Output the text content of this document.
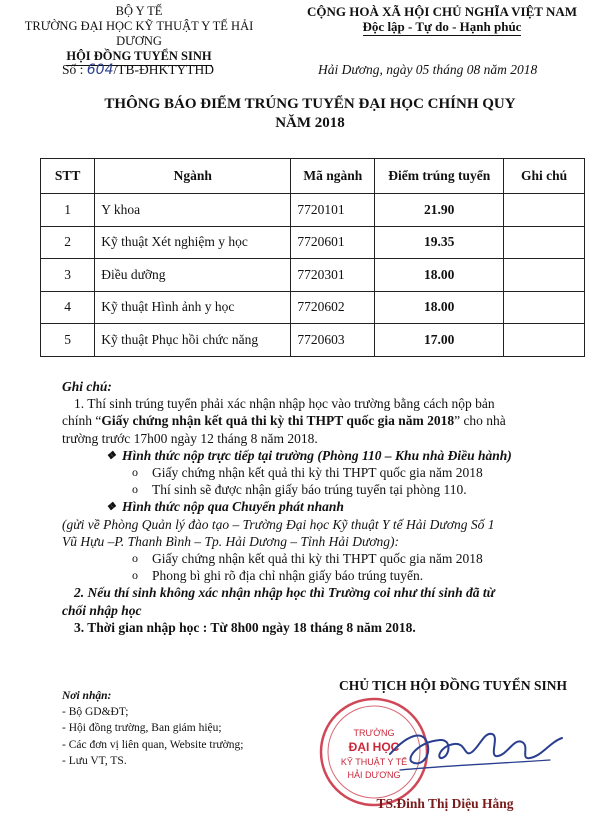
BỘ Y TẾ
TRƯỜNG ĐẠI HỌC KỸ THUẬT Y TẾ HẢI DƯƠNG
HỘI ĐỒNG TUYỂN SINH
CỘNG HOÀ XÃ HỘI CHỦ NGHĨA VIỆT NAM
Độc lập - Tự do - Hạnh phúc
Số : 604/TB-ĐHKTYTHD	Hải Dương, ngày 05 tháng 08 năm 2018
THÔNG BÁO ĐIỂM TRÚNG TUYỂN ĐẠI HỌC CHÍNH QUY
NĂM 2018
STT	Ngành	Mã ngành	Điểm trúng tuyển	Ghi chú
1	Y khoa	7720101	21.90	
2	Kỹ thuật Xét nghiệm y học	7720601	19.35	
3	Điều dưỡng	7720301	18.00	
4	Kỹ thuật Hình ảnh y học	7720602	18.00	
5	Kỹ thuật Phục hồi chức năng	7720603	17.00	

Ghi chú:

1. Thí sinh trúng tuyển phải xác nhận nhập học vào trường bằng cách nộp bản

chính “Giấy chứng nhận kết quả thi kỳ thi THPT quốc gia năm 2018” cho nhà

trường trước 17h00 ngày 12 tháng 8 năm 2018.

❖ Hình thức nộp trực tiếp tại trường (Phòng 110 – Khu nhà Điều hành)

o Giấy chứng nhận kết quả thi kỳ thi THPT quốc gia năm 2018

o Thí sinh sẽ được nhận giấy báo trúng tuyển tại phòng 110.

❖ Hình thức nộp qua Chuyển phát nhanh

(gửi về Phòng Quản lý đào tạo – Trường Đại học Kỹ thuật Y tế Hải Dương Số 1

Vũ Hựu –P. Thanh Bình – Tp. Hải Dương – Tỉnh Hải Dương):

o Giấy chứng nhận kết quả thi kỳ thi THPT quốc gia năm 2018

o Phong bì ghi rõ địa chỉ nhận giấy báo trúng tuyển.

2. Nếu thí sinh không xác nhận nhập học thì Trường coi như thí sinh đã từ

chối nhập học

3. Thời gian nhập học : Từ 8h00 ngày 18 tháng 8 năm 2018.

Nơi nhận:
- Bộ GD&ĐT;
- Hội đồng trường, Ban giám hiệu;
- Các đơn vị liên quan, Website trường;
- Lưu VT, TS.
CHỦ TỊCH HỘI ĐỒNG TUYỂN SINH
TRƯỜNG
ĐẠI HỌC
KỸ THUẬT Y TẾ
HẢI DƯƠNG
TS.Đinh Thị Diệu Hằng
